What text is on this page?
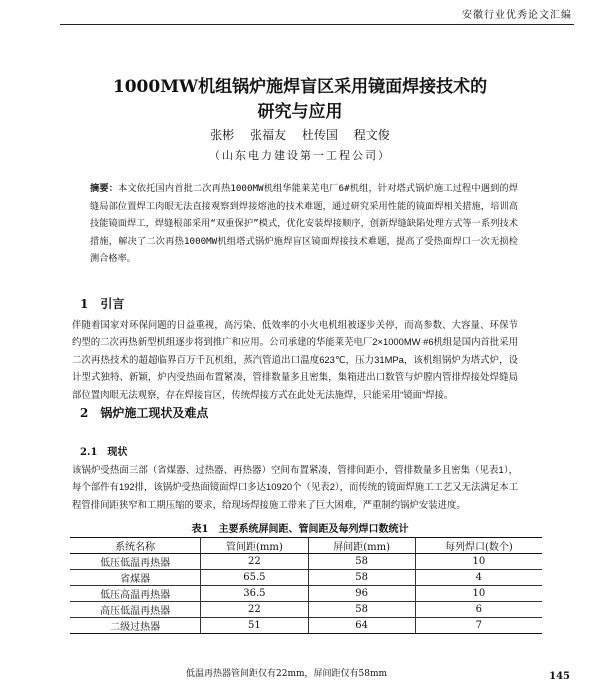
安徽行业优秀论文汇编
1000MW机组锅炉施焊盲区采用镜面焊接技术的
研究与应用
张彬 张福友 杜传国 程文俊
（山东电力建设第一工程公司）
摘要：本文依托国内首批二次再热1000MW机组华能莱芜电厂6#机组，针对塔式锅炉施工过程中遇到的焊缝局部位置焊工肉眼无法直接观察到焊接熔池的技术难题，通过研究采用性能的镜面焊相关措施，培训高技能镜面焊工，焊缝根部采用“双重保护”模式，优化安装焊接顺序，创新焊缝缺陷处理方式等一系列技术措施，解决了二次再热1000MW机组塔式锅炉施焊盲区镜面焊接技术难题，提高了受热面焊口一次无损检测合格率。
1　引言
伴随着国家对环保问题的日益重视，高污染、低效率的小火电机组被逐步关停，而高参数、大容量、环保节约型的二次再热新型机组逐步将到推广和应用。公司承建的华能莱芜电厂2×1000MW #6机组是国内首批采用二次再热技术的超超临界百万千瓦机组，蒸汽管道出口温度623℃，压力31MPa，该机组锅炉为塔式炉，设计型式独特、新颖，炉内受热面布置紧凑，管排数量多且密集，集箱进出口数管与炉膛内管排焊接处焊缝局部位置肉眼无法观察，存在焊接盲区，传统焊接方式在此处无法施焊，只能采用“镜面”焊接。
2　锅炉施工现状及难点
2.1　现状
该锅炉受热面三部（省煤器、过热器、再热器）空间布置紧凑，管排间距小，管排数量多且密集（见表1），每个部件有192排，该锅炉受热面镜面焊口多达10920个（见表2），而传统的镜面焊施工工艺又无法满足本工程管排间距狭窄和工期压缩的要求，给现场焊接施工带来了巨大困难，严重制约锅炉安装进度。
表1　主要系统屏间距、管间距及每列焊口数统计
系统名称	管间距(mm)	屏间距(mm)	每列焊口(数个)
低压低温再热器	22	58	10
省煤器	65.5	58	4
低压高温再热器	36.5	96	10
高压低温再热器	22	58	6
二级过热器	51	64	7
低温再热器管间距仅有22mm，屏间距仅有58mm	145
